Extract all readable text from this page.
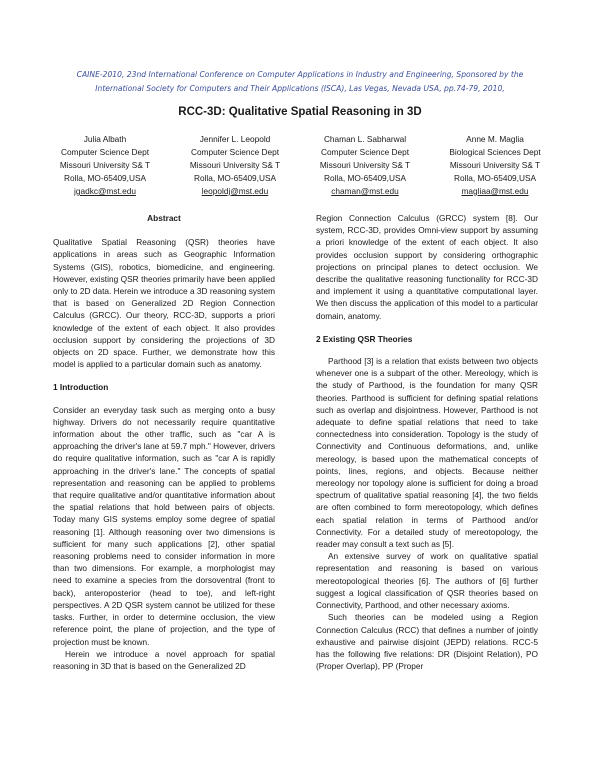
CAINE-2010, 23nd International Conference on Computer Applications in Industry and Engineering, Sponsored by the
International Society for Computers and Their Applications (ISCA), Las Vegas, Nevada USA, pp.74-79, 2010,
RCC-3D: Qualitative Spatial Reasoning in 3D
Julia Albath
Computer Science Dept
Missouri University S& T
Rolla, MO-65409,USA
jgadkc@mst.edu
Jennifer L. Leopold
Computer Science Dept
Missouri University S& T
Rolla, MO-65409,USA
leopoldj@mst.edu
Chaman L. Sabharwal
Computer Science Dept
Missouri University S& T
Rolla, MO-65409,USA
chaman@mst.edu
Anne M. Maglia
Biological Sciences Dept
Missouri University S& T
Rolla, MO-65409,USA
magliaa@mst.edu
Abstract

Qualitative Spatial Reasoning (QSR) theories have applications in areas such as Geographic Information Systems (GIS), robotics, biomedicine, and engineering. However, existing QSR theories primarily have been applied only to 2D data. Herein we introduce a 3D reasoning system that is based on Generalized 2D Region Connection Calculus (GRCC). Our theory, RCC-3D, supports a priori knowledge of the extent of each object. It also provides occlusion support by considering the projections of 3D objects on 2D space. Further, we demonstrate how this model is applied to a particular domain such as anatomy.

1 Introduction

Consider an everyday task such as merging onto a busy highway. Drivers do not necessarily require quantitative information about the other traffic, such as "car A is approaching the driver's lane at 59.7 mph." However, drivers do require qualitative information, such as "car A is rapidly approaching in the driver's lane." The concepts of spatial representation and reasoning can be applied to problems that require qualitative and/or quantitative information about the spatial relations that hold between pairs of objects. Today many GIS systems employ some degree of spatial reasoning [1]. Although reasoning over two dimensions is sufficient for many such applications [2], other spatial reasoning problems need to consider information in more than two dimensions. For example, a morphologist may need to examine a species from the dorsoventral (front to back), anteroposterior (head to toe), and left-right perspectives. A 2D QSR system cannot be utilized for these tasks. Further, in order to determine occlusion, the view reference point, the plane of projection, and the type of projection must be known.

Herein we introduce a novel approach for spatial reasoning in 3D that is based on the Generalized 2D

Region Connection Calculus (GRCC) system [8]. Our system, RCC-3D, provides Omni-view support by assuming a priori knowledge of the extent of each object. It also provides occlusion support by considering orthographic projections on principal planes to detect occlusion. We describe the qualitative reasoning functionality for RCC-3D and implement it using a quantitative computational layer. We then discuss the application of this model to a particular domain, anatomy.

2 Existing QSR Theories

Parthood [3] is a relation that exists between two objects whenever one is a subpart of the other. Mereology, which is the study of Parthood, is the foundation for many QSR theories. Parthood is sufficient for defining spatial relations such as overlap and disjointness. However, Parthood is not adequate to define spatial relations that need to take connectedness into consideration. Topology is the study of Connectivity and Continuous deformations, and, unlike mereology, is based upon the mathematical concepts of points, lines, regions, and objects. Because neither mereology nor topology alone is sufficient for doing a broad spectrum of qualitative spatial reasoning [4], the two fields are often combined to form mereotopology, which defines each spatial relation in terms of Parthood and/or Connectivity. For a detailed study of mereotopology, the reader may consult a text such as [5].

An extensive survey of work on qualitative spatial representation and reasoning is based on various mereotopological theories [6]. The authors of [6] further suggest a logical classification of QSR theories based on Connectivity, Parthood, and other necessary axioms.

Such theories can be modeled using a Region Connection Calculus (RCC) that defines a number of jointly exhaustive and pairwise disjoint (JEPD) relations. RCC-5 has the following five relations: DR (Disjoint Relation), PO (Proper Overlap), PP (Proper
